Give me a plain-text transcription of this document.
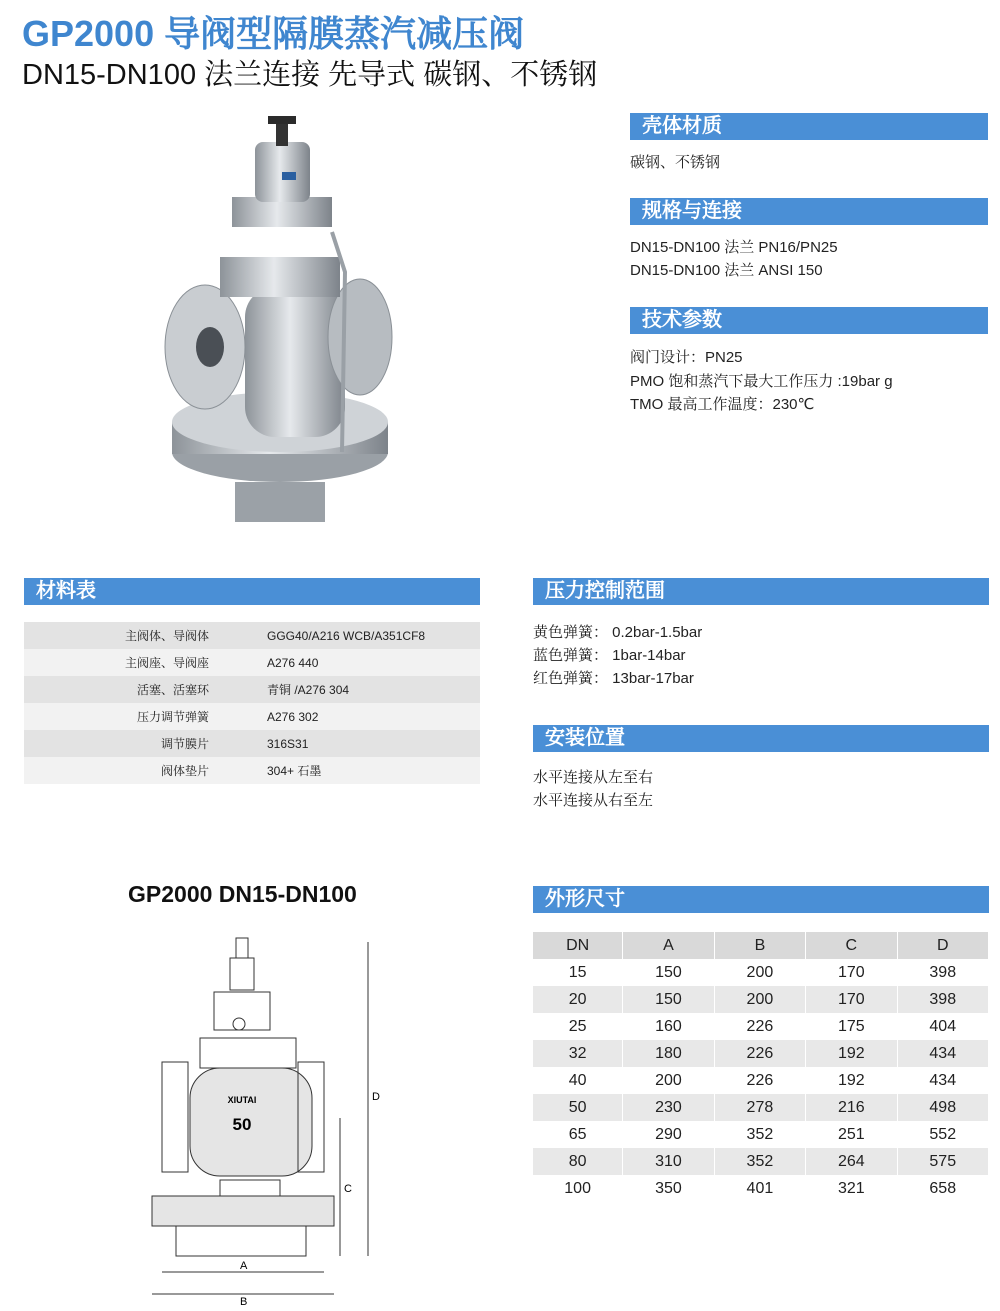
GP2000 导阀型隔膜蒸汽减压阀
DN15-DN100 法兰连接 先导式 碳钢、不锈钢
壳体材质
碳钢、不锈钢
规格与连接
DN15-DN100 法兰 PN16/PN25
DN15-DN100 法兰 ANSI 150
技术参数
阀门设计：PN25
PMO 饱和蒸汽下最大工作压力 :19bar g
TMO 最高工作温度：230℃
材料表
主阀体、导阀体	GGG40/A216 WCB/A351CF8
主阀座、导阀座	A276 440
活塞、活塞环	青铜 /A276 304
压力调节弹簧	A276 302
调节膜片	316S31
阀体垫片	304+ 石墨
压力控制范围
黄色弹簧： 0.2bar-1.5bar
蓝色弹簧： 1bar-14bar
红色弹簧： 13bar-17bar
安装位置
水平连接从左至右
水平连接从右至左
GP2000 DN15-DN100
XIUTAI
50
D
C
A
B
外形尺寸
DN	A	B	C	D
15	150	200	170	398
20	150	200	170	398
25	160	226	175	404
32	180	226	192	434
40	200	226	192	434
50	230	278	216	498
65	290	352	251	552
80	310	352	264	575
100	350	401	321	658
